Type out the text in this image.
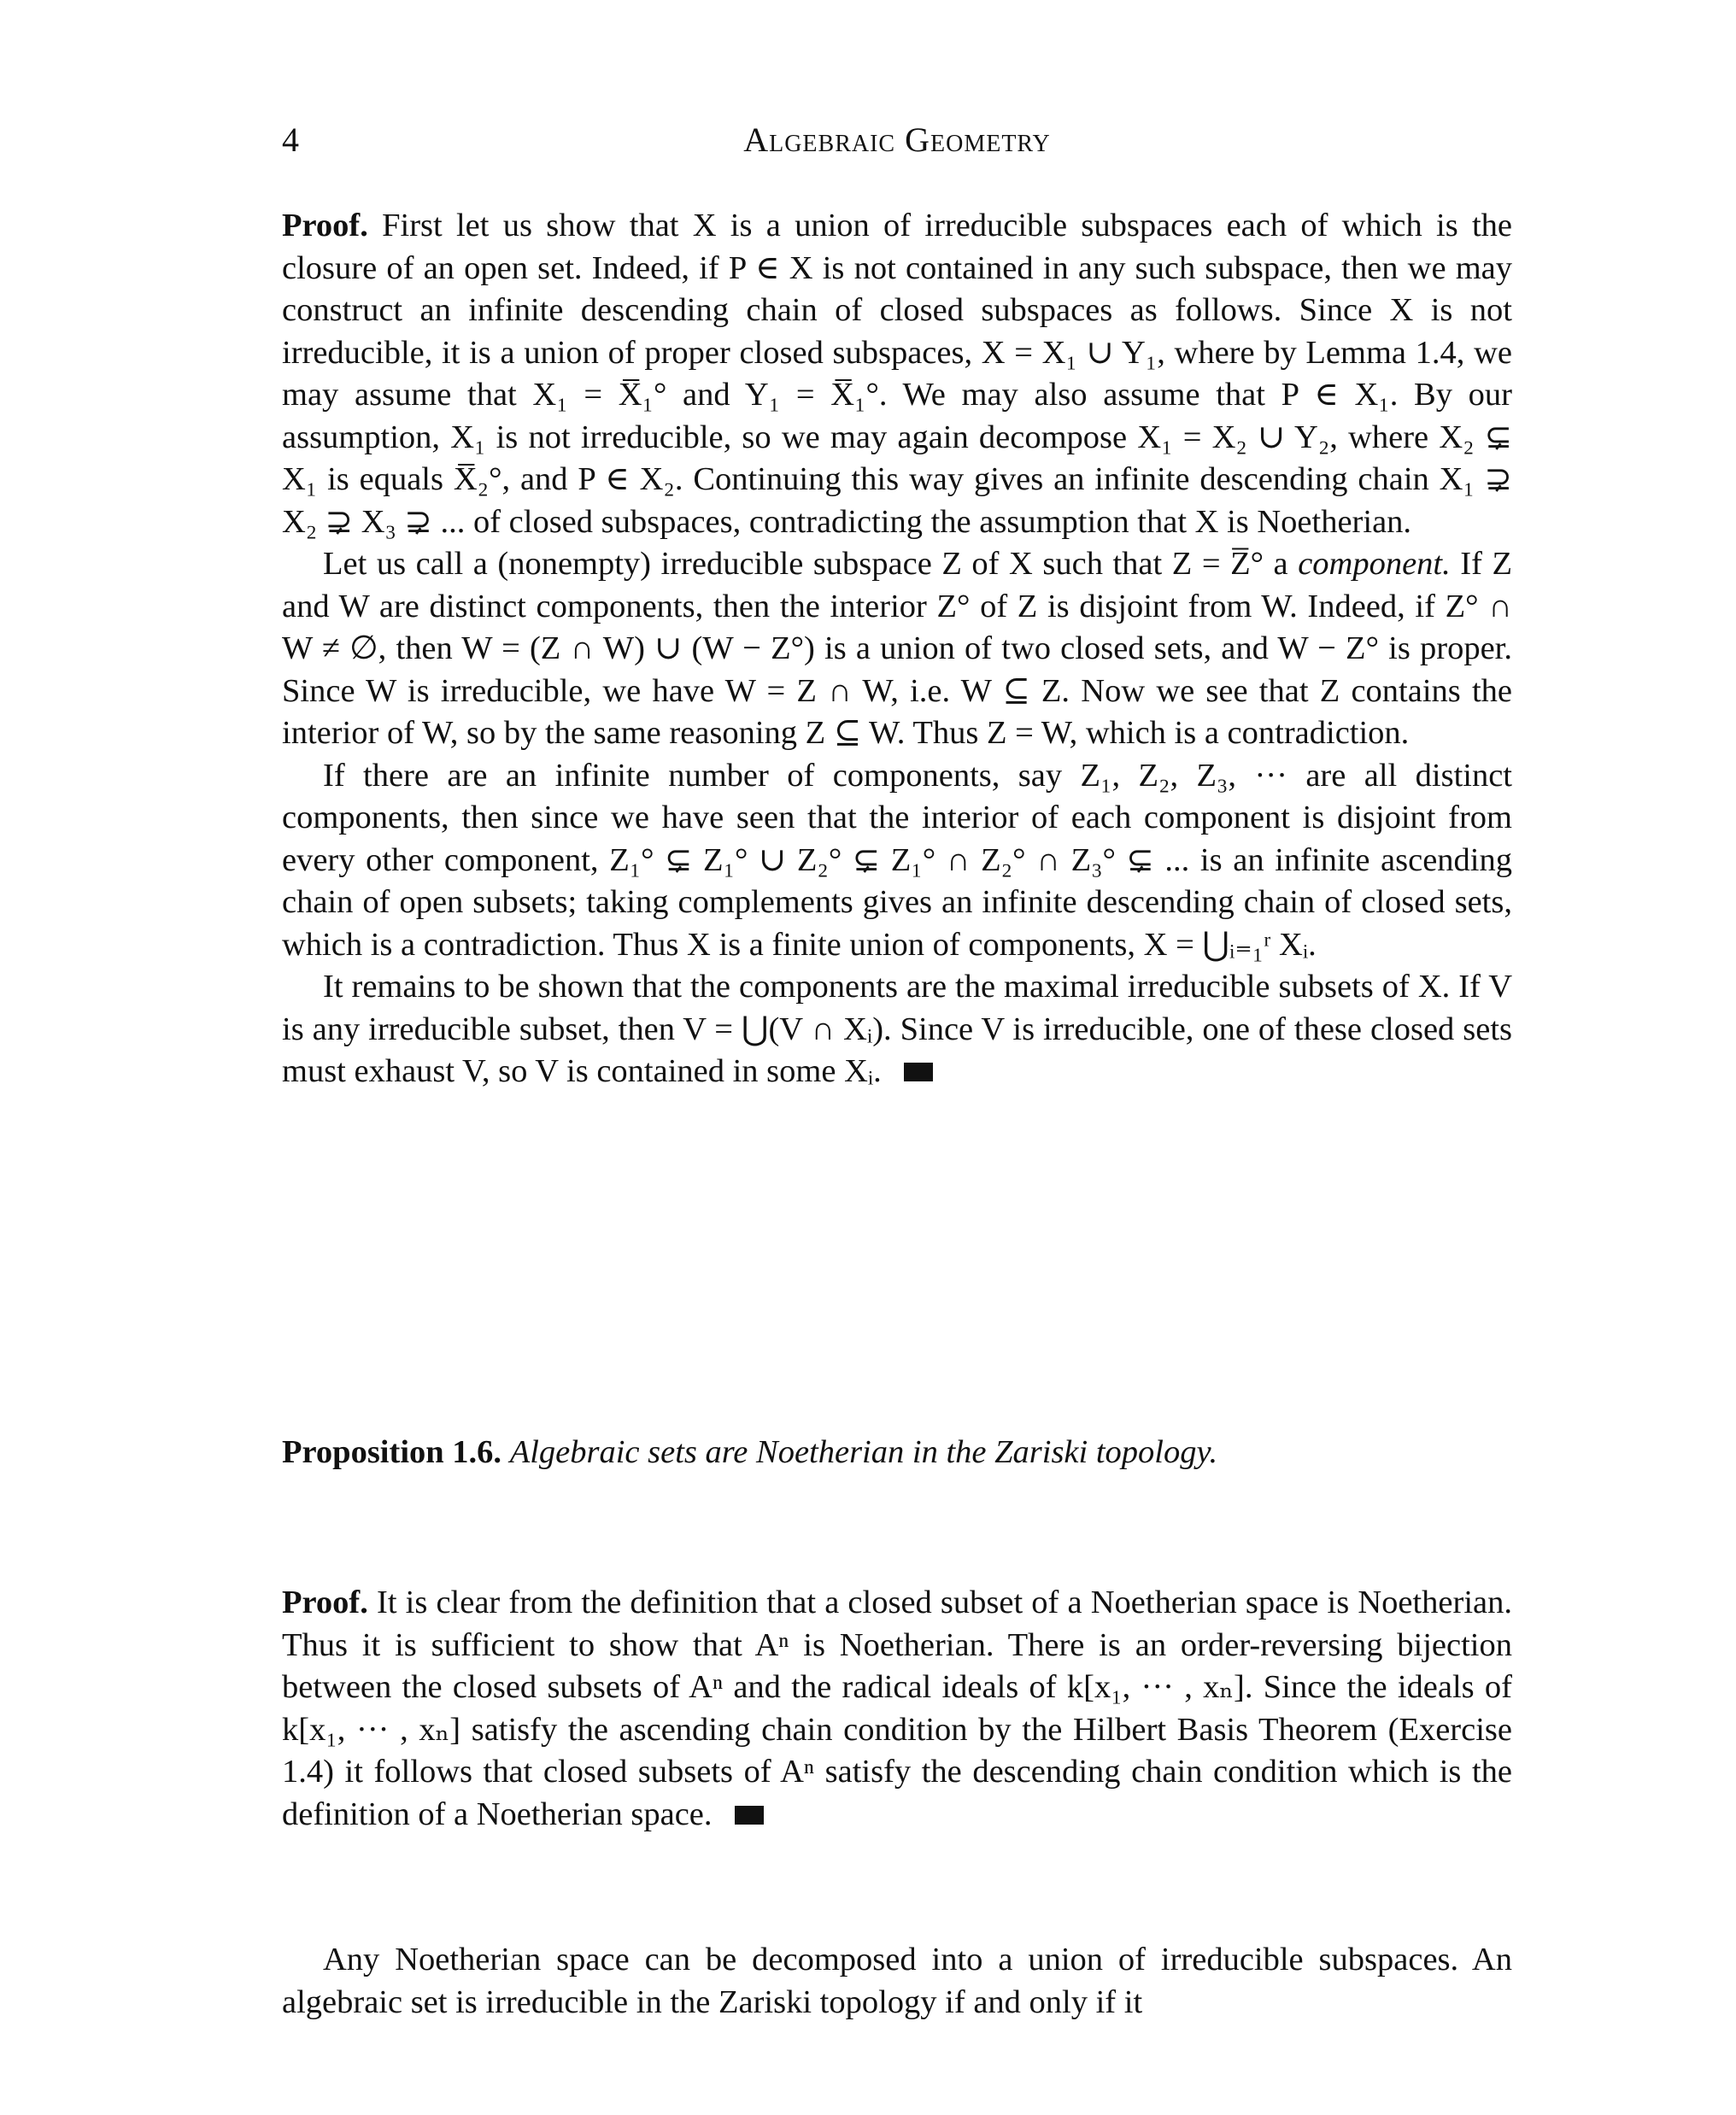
4	Algebraic Geometry

Proof. First let us show that X is a union of irreducible subspaces each of which is the closure of an open set. Indeed, if P ∈ X is not contained in any such subspace, then we may construct an infinite descending chain of closed subspaces as follows. Since X is not irreducible, it is a union of proper closed subspaces, X = X₁ ∪ Y₁, where by Lemma 1.4, we may assume that X₁ = X̅₁° and Y₁ = X̅₁°. We may also assume that P ∈ X₁. By our assumption, X₁ is not irreducible, so we may again decompose X₁ = X₂ ∪ Y₂, where X₂ ⊊ X₁ is equals X̅₂°, and P ∈ X₂. Continuing this way gives an infinite descending chain X₁ ⊋ X₂ ⊋ X₃ ⊋ ... of closed subspaces, contradicting the assumption that X is Noetherian.

Let us call a (nonempty) irreducible subspace Z of X such that Z = Z̅° a component. If Z and W are distinct components, then the interior Z° of Z is disjoint from W. Indeed, if Z° ∩ W ≠ ∅, then W = (Z ∩ W) ∪ (W − Z°) is a union of two closed sets, and W − Z° is proper. Since W is irreducible, we have W = Z ∩ W, i.e. W ⊆ Z. Now we see that Z contains the interior of W, so by the same reasoning Z ⊆ W. Thus Z = W, which is a contradiction.

If there are an infinite number of components, say Z₁, Z₂, Z₃, ··· are all distinct components, then since we have seen that the interior of each component is disjoint from every other component, Z₁° ⊊ Z₁° ∪ Z₂° ⊊ Z₁° ∩ Z₂° ∩ Z₃° ⊊ ... is an infinite ascending chain of open subsets; taking complements gives an infinite descending chain of closed sets, which is a contradiction. Thus X is a finite union of components, X = ⋃ᵢ₌₁ʳ Xᵢ.

It remains to be shown that the components are the maximal irreducible subsets of X. If V is any irreducible subset, then V = ⋃(V ∩ Xᵢ). Since V is irreducible, one of these closed sets must exhaust V, so V is contained in some Xᵢ.

Proposition 1.6. Algebraic sets are Noetherian in the Zariski topology.

Proof. It is clear from the definition that a closed subset of a Noetherian space is Noetherian. Thus it is sufficient to show that Aⁿ is Noetherian. There is an order-reversing bijection between the closed subsets of Aⁿ and the radical ideals of k[x₁, ··· , xₙ]. Since the ideals of k[x₁, ··· , xₙ] satisfy the ascending chain condition by the Hilbert Basis Theorem (Exercise 1.4) it follows that closed subsets of Aⁿ satisfy the descending chain condition which is the definition of a Noetherian space.

Any Noetherian space can be decomposed into a union of irreducible subspaces. An algebraic set is irreducible in the Zariski topology if and only if it
